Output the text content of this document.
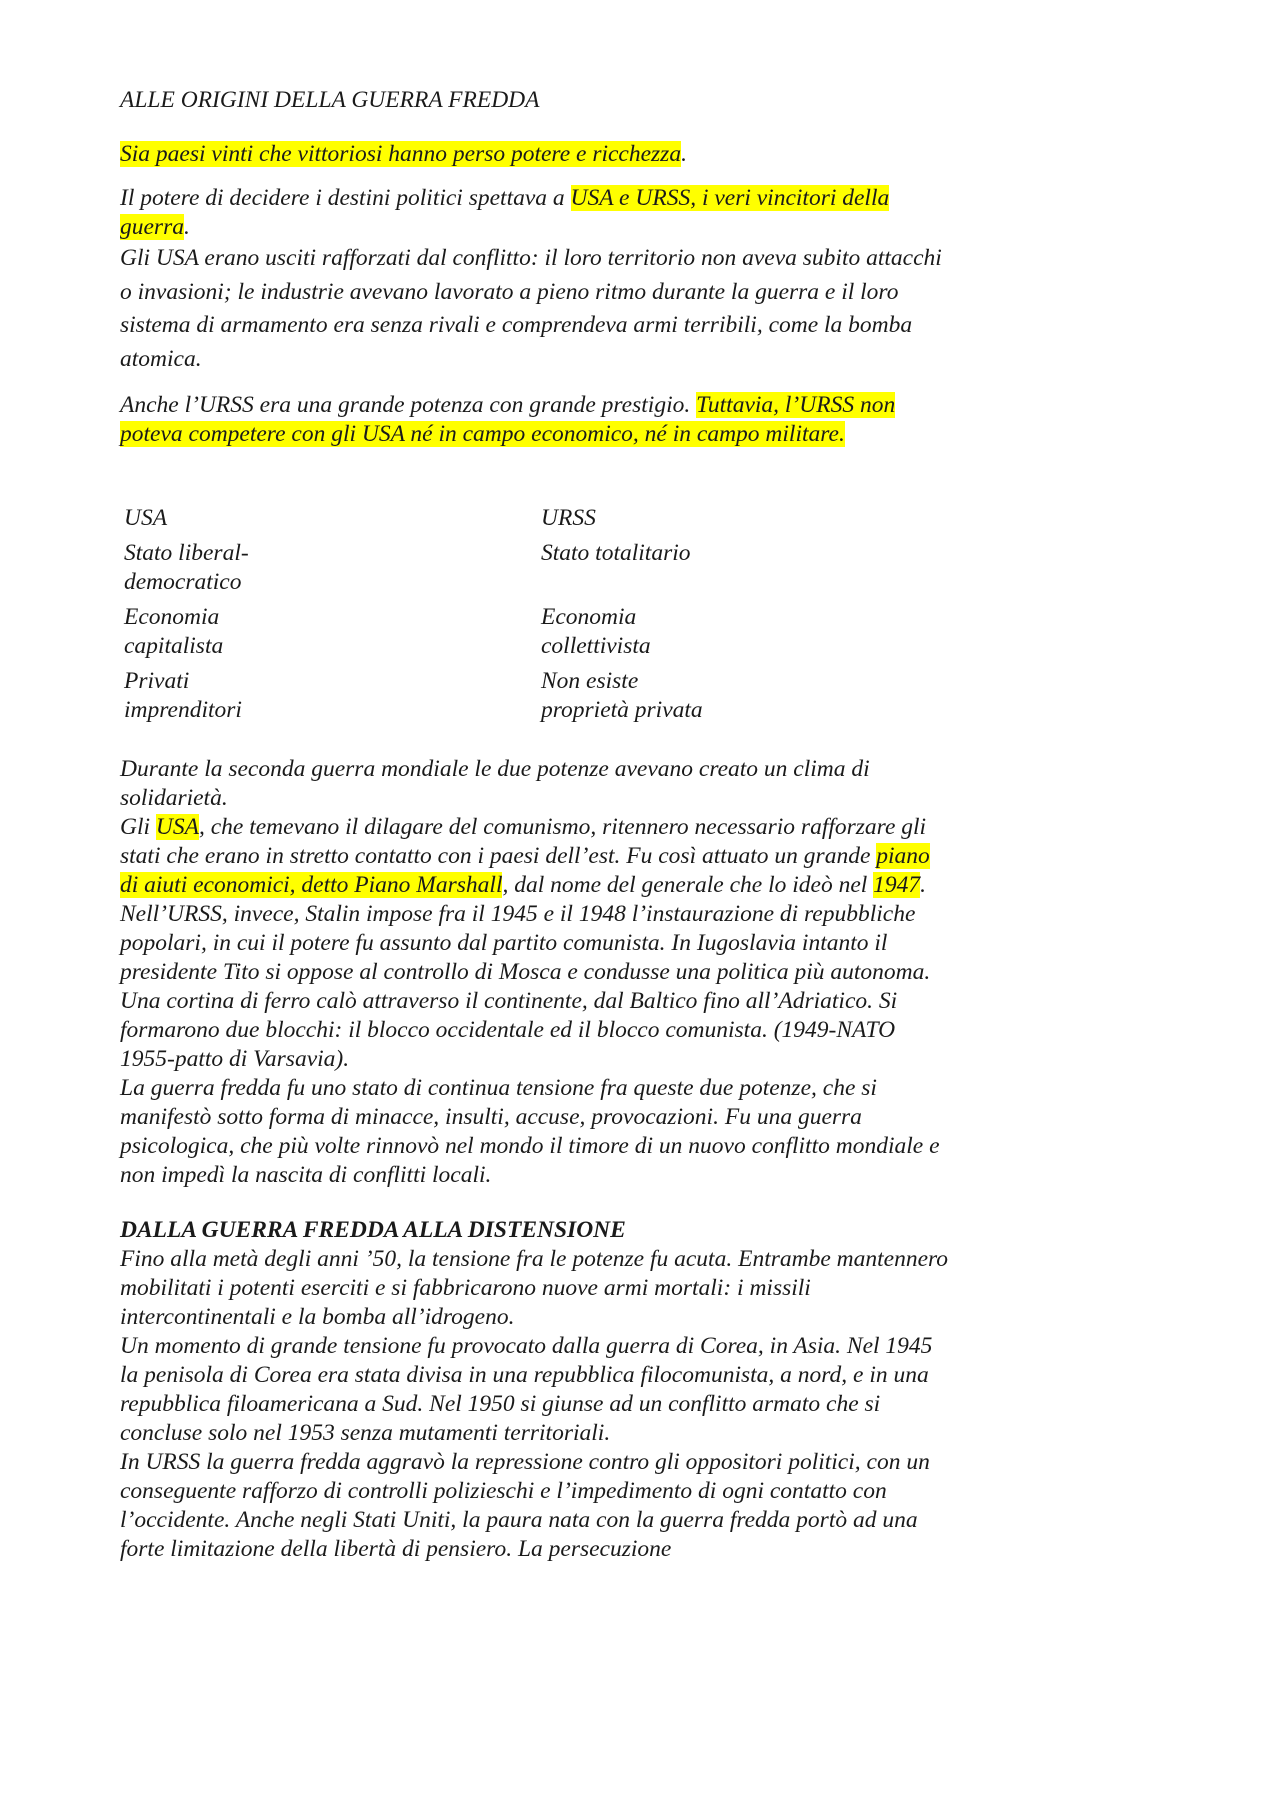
ALLE ORIGINI DELLA GUERRA FREDDA

Sia paesi vinti che vittoriosi hanno perso potere e ricchezza.

Il potere di decidere i destini politici spettava a USA e URSS, i veri vincitori della guerra.

Gli USA erano usciti rafforzati dal conflitto: il loro territorio non aveva subito attacchi o invasioni; le industrie avevano lavorato a pieno ritmo durante la guerra e il loro sistema di armamento era senza rivali e comprendeva armi terribili, come la bomba atomica.

Anche l’URSS era una grande potenza con grande prestigio. Tuttavia, l’URSS non poteva competere con gli USA né in campo economico, né in campo militare.

USA	URSS
Stato liberal-democratico	Stato totalitario
Economia capitalista	Economia collettivista
Privati imprenditori	Non esiste proprietà privata

Durante la seconda guerra mondiale le due potenze avevano creato un clima di solidarietà.

Gli USA, che temevano il dilagare del comunismo, ritennero necessario rafforzare gli stati che erano in stretto contatto con i paesi dell’est. Fu così attuato un grande piano di aiuti economici, detto Piano Marshall, dal nome del generale che lo ideò nel 1947.

Nell’URSS, invece, Stalin impose fra il 1945 e il 1948 l’instaurazione di repubbliche popolari, in cui il potere fu assunto dal partito comunista. In Iugoslavia intanto il presidente Tito si oppose al controllo di Mosca e condusse una politica più autonoma.

Una cortina di ferro calò attraverso il continente, dal Baltico fino all’Adriatico. Si formarono due blocchi: il blocco occidentale ed il blocco comunista. (1949-NATO 1955-patto di Varsavia).

La guerra fredda fu uno stato di continua tensione fra queste due potenze, che si manifestò sotto forma di minacce, insulti, accuse, provocazioni. Fu una guerra psicologica, che più volte rinnovò nel mondo il timore di un nuovo conflitto mondiale e non impedì la nascita di conflitti locali.

DALLA GUERRA FREDDA ALLA DISTENSIONE

Fino alla metà degli anni ’50, la tensione fra le potenze fu acuta. Entrambe mantennero mobilitati i potenti eserciti e si fabbricarono nuove armi mortali: i missili intercontinentali e la bomba all’idrogeno.

Un momento di grande tensione fu provocato dalla guerra di Corea, in Asia. Nel 1945 la penisola di Corea era stata divisa in una repubblica filocomunista, a nord, e in una repubblica filoamericana a Sud. Nel 1950 si giunse ad un conflitto armato che si concluse solo nel 1953 senza mutamenti territoriali.

In URSS la guerra fredda aggravò la repressione contro gli oppositori politici, con un conseguente rafforzo di controlli polizieschi e l’impedimento di ogni contatto con l’occidente. Anche negli Stati Uniti, la paura nata con la guerra fredda portò ad una forte limitazione della libertà di pensiero. La persecuzione
